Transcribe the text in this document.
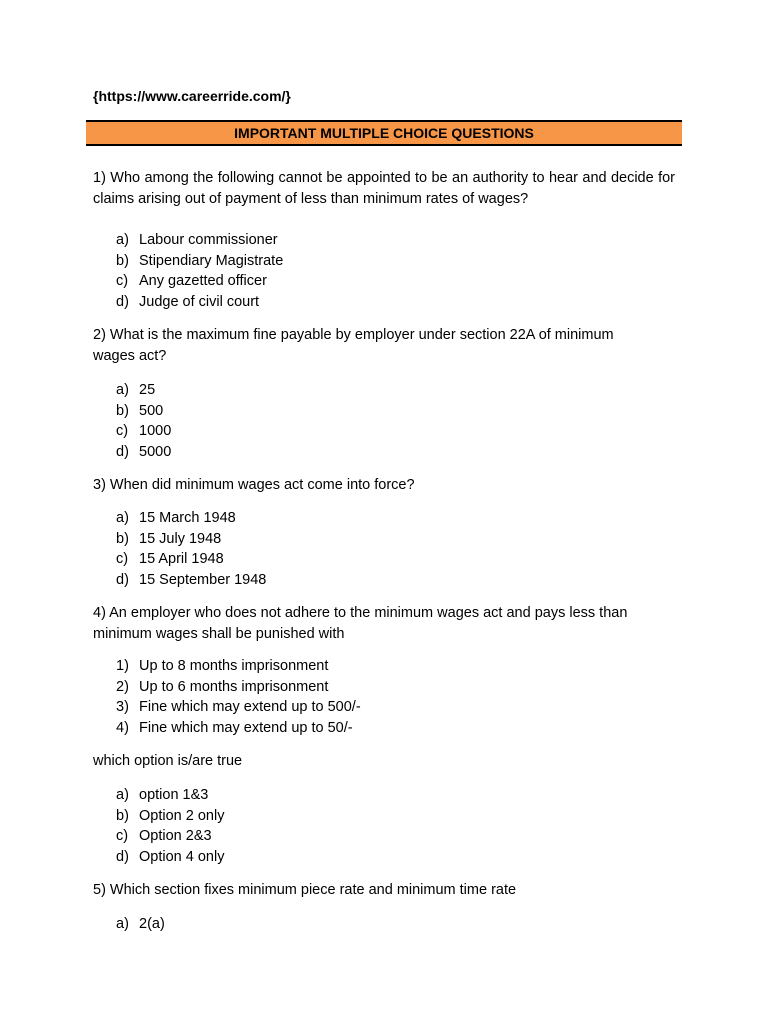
{https://www.careerride.com/}
IMPORTANT MULTIPLE CHOICE QUESTIONS
1) Who among the following cannot be appointed to be an authority to hear and decide for claims arising out of payment of less than minimum rates of wages?
a) Labour commissioner
b) Stipendiary Magistrate
c) Any gazetted officer
d) Judge of civil court
2) What is the maximum fine payable by employer under section 22A of minimum wages act?
a) 25
b) 500
c) 1000
d) 5000
3) When did minimum wages act come into force?
a) 15 March 1948
b) 15 July 1948
c) 15 April 1948
d) 15 September 1948
4) An employer who does not adhere to the minimum wages act and pays less than minimum wages shall be punished with
1) Up to 8 months imprisonment
2) Up to 6 months imprisonment
3) Fine which may extend up to 500/-
4) Fine which may extend up to 50/-
which option is/are true
a) option 1&3
b) Option 2 only
c) Option 2&3
d) Option 4 only
5) Which section fixes minimum piece rate and minimum time rate
a) 2(a)
